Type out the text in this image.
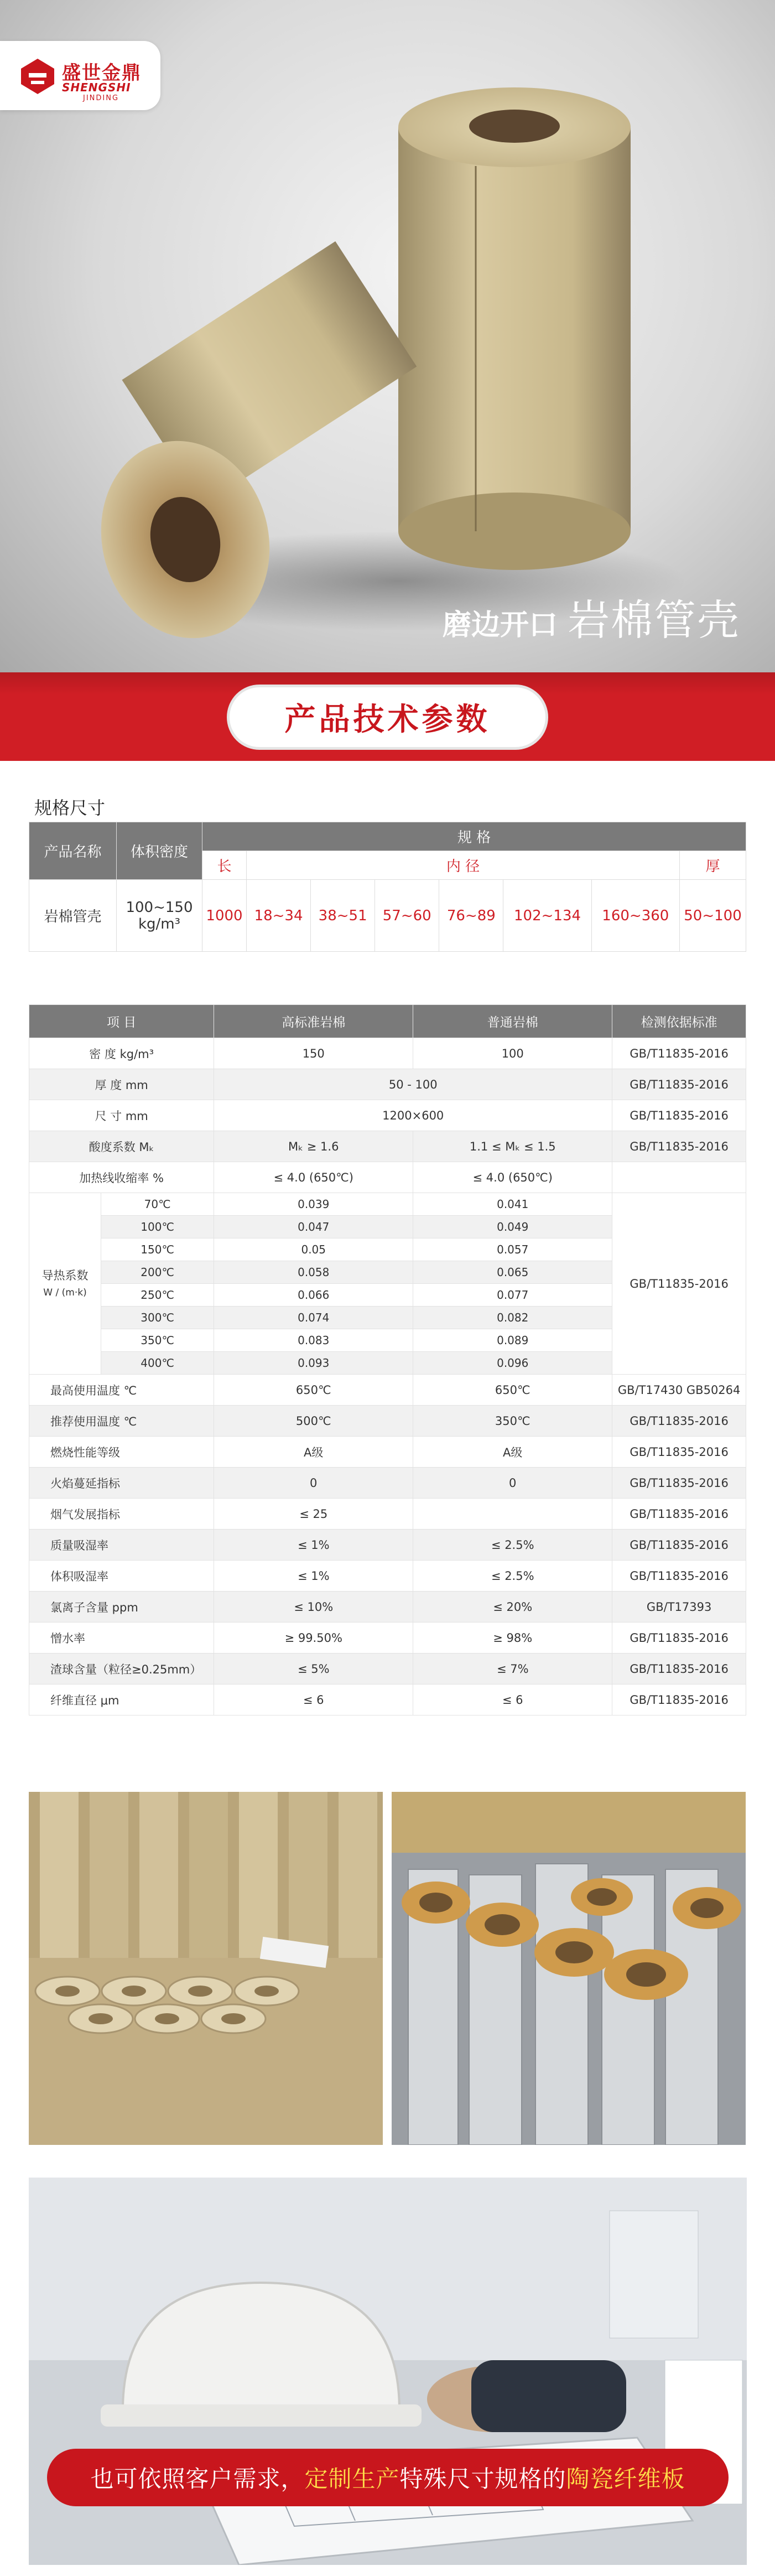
盛世金鼎
SHENGSHI
JINDING
磨边开口 岩棉管壳
产品技术参数
规格尺寸
产品名称	体积密度	规 格							
		长	内 径						厚
岩棉管壳	100~150 kg/m³	1000	18~34	38~51	57~60	76~89	102~134	160~360	50~100
项 目		高标准岩棉	普通岩棉	检测依据标准
密 度 kg/m³		150	100	GB/T11835-2016
厚 度 mm		50 - 100		GB/T11835-2016
尺 寸 mm		1200×600		GB/T11835-2016
酸度系数 Mₖ		Mₖ ≥ 1.6	1.1 ≤ Mₖ ≤ 1.5	GB/T11835-2016
加热线收缩率 %		≤ 4.0 (650℃)	≤ 4.0 (650℃)	

导热系数
W / (m·k)	70℃	0.039	0.041	GB/T11835-2016
	100℃	0.047	0.049	
	150℃	0.05	0.057	
	200℃	0.058	0.065	
	250℃	0.066	0.077	
	300℃	0.074	0.082	
	350℃	0.083	0.089	
	400℃	0.093	0.096	
最高使用温度 ℃		650℃	650℃	GB/T17430 GB50264
推荐使用温度 ℃		500℃	350℃	GB/T11835-2016
燃烧性能等级		A级	A级	GB/T11835-2016
火焰蔓延指标		0	0	GB/T11835-2016
烟气发展指标		≤ 25		GB/T11835-2016
质量吸湿率		≤ 1%	≤ 2.5%	GB/T11835-2016
体积吸湿率		≤ 1%	≤ 2.5%	GB/T11835-2016
氯离子含量 ppm		≤ 10%	≤ 20%	GB/T17393
憎水率		≥ 99.50%	≥ 98%	GB/T11835-2016
渣球含量（粒径≥0.25mm）		≤ 5%	≤ 7%	GB/T11835-2016
纤维直径 μm		≤ 6	≤ 6	GB/T11835-2016
也可依照客户需求，定制生产特殊尺寸规格的陶瓷纤维板
